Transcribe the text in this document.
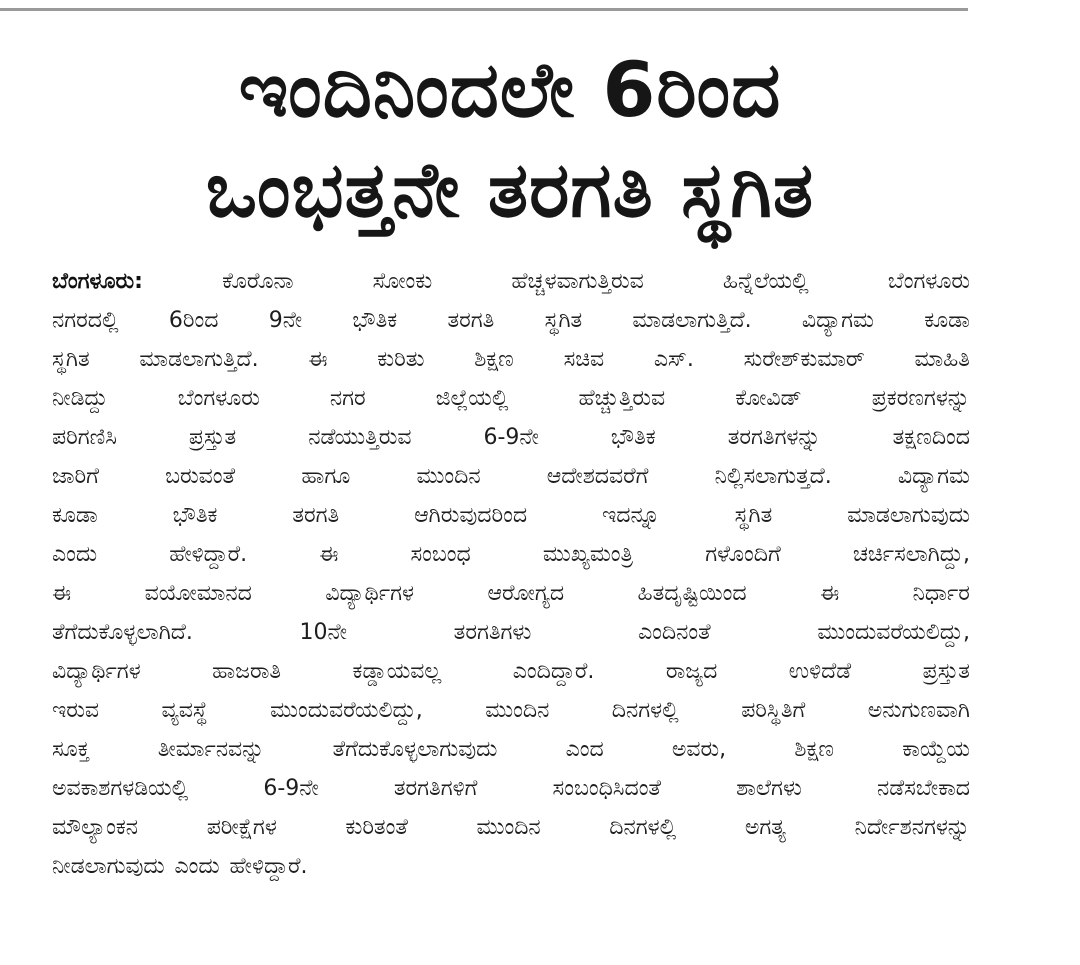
ಇಂದಿನಿಂದಲೇ 6ರಿಂದ
ಒಂಭತ್ತನೇ ತರಗತಿ ಸ್ಥಗಿತ
ಬೆಂಗಳೂರು:	ಕೊರೊನಾ	ಸೋಂಕು	ಹೆಚ್ಚಳವಾಗುತ್ತಿರುವ	ಹಿನ್ನೆಲೆಯಲ್ಲಿ	ಬೆಂಗಳೂರು
ನಗರದಲ್ಲಿ 6ರಿಂದ 9ನೇ ಭೌತಿಕ ತರಗತಿ ಸ್ಥಗಿತ ಮಾಡಲಾಗುತ್ತಿದೆ. ವಿದ್ಯಾಗಮ ಕೂಡಾ
ಸ್ಥಗಿತ ಮಾಡಲಾಗುತ್ತಿದೆ. ಈ ಕುರಿತು ಶಿಕ್ಷಣ ಸಚಿವ ಎಸ್. ಸುರೇಶ್‌ಕುಮಾರ್ ಮಾಹಿತಿ
ನೀಡಿದ್ದು	ಬೆಂಗಳೂರು	ನಗರ	ಜಿಲ್ಲೆಯಲ್ಲಿ	ಹೆಚ್ಚುತ್ತಿರುವ	ಕೋವಿಡ್	ಪ್ರಕರಣಗಳನ್ನು
ಪರಿಗಣಿಸಿ	ಪ್ರಸ್ತುತ	ನಡೆಯುತ್ತಿರುವ	6-9ನೇ	ಭೌತಿಕ	ತರಗತಿಗಳನ್ನು	ತಕ್ಷಣದಿಂದ
ಜಾರಿಗೆ	ಬರುವಂತೆ	ಹಾಗೂ	ಮುಂದಿನ	ಆದೇಶದವರೆಗೆ	ನಿಲ್ಲಿಸಲಾಗುತ್ತದೆ.	ವಿದ್ಯಾಗಮ
ಕೂಡಾ	ಭೌತಿಕ	ತರಗತಿ	ಆಗಿರುವುದರಿಂದ	ಇದನ್ನೂ	ಸ್ಥಗಿತ	ಮಾಡಲಾಗುವುದು
ಎಂದು	ಹೇಳಿದ್ದಾರೆ.	ಈ	ಸಂಬಂಧ	ಮುಖ್ಯಮಂತ್ರಿ	ಗಳೊಂದಿಗೆ	ಚರ್ಚಿಸಲಾಗಿದ್ದು,
ಈ	ವಯೋಮಾನದ	ವಿದ್ಯಾರ್ಥಿಗಳ	ಆರೋಗ್ಯದ	ಹಿತದೃಷ್ಟಿಯಿಂದ	ಈ	ನಿರ್ಧಾರ
ತೆಗೆದುಕೊಳ್ಳಲಾಗಿದೆ.	10ನೇ	ತರಗತಿಗಳು	ಎಂದಿನಂತೆ	ಮುಂದುವರೆಯಲಿದ್ದು,
ವಿದ್ಯಾರ್ಥಿಗಳ	ಹಾಜರಾತಿ	ಕಡ್ಡಾಯವಲ್ಲ	ಎಂದಿದ್ದಾರೆ.	ರಾಜ್ಯದ	ಉಳಿದೆಡೆ	ಪ್ರಸ್ತುತ
ಇರುವ	ವ್ಯವಸ್ಥೆ	ಮುಂದುವರೆಯಲಿದ್ದು,	ಮುಂದಿನ	ದಿನಗಳಲ್ಲಿ	ಪರಿಸ್ಥಿತಿಗೆ	ಅನುಗುಣವಾಗಿ
ಸೂಕ್ತ	ತೀರ್ಮಾನವನ್ನು	ತೆಗೆದುಕೊಳ್ಳಲಾಗುವುದು	ಎಂದ	ಅವರು,	ಶಿಕ್ಷಣ	ಕಾಯ್ದೆಯ
ಅವಕಾಶಗಳಡಿಯಲ್ಲಿ	6-9ನೇ	ತರಗತಿಗಳಿಗೆ	ಸಂಬಂಧಿಸಿದಂತೆ	ಶಾಲೆಗಳು	ನಡೆಸಬೇಕಾದ
ಮೌಲ್ಯಾಂಕನ	ಪರೀಕ್ಷೆಗಳ	ಕುರಿತಂತೆ	ಮುಂದಿನ	ದಿನಗಳಲ್ಲಿ	ಅಗತ್ಯ	ನಿರ್ದೇಶನಗಳನ್ನು
ನೀಡಲಾಗುವುದು ಎಂದು ಹೇಳಿದ್ದಾರೆ.
